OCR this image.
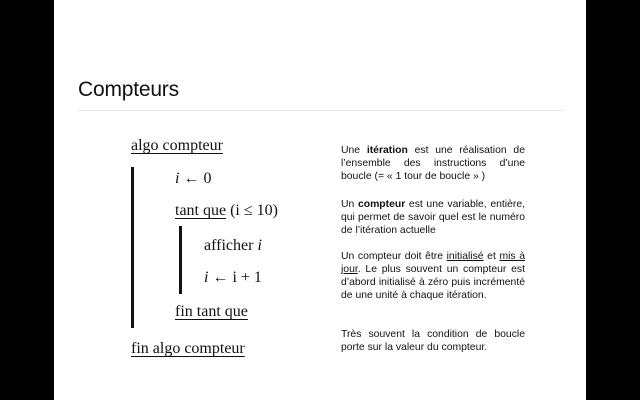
Compteurs
algo compteur
i ← 0
tant que (i ≤ 10)
afficher i
i ← i + 1
fin tant que
fin algo compteur

Une itération est une réalisation de l’ensemble des instructions d’une boucle (= « 1 tour de boucle » )

Un compteur est une variable, entière, qui permet de savoir quel est le numéro de l’itération actuelle

Un compteur doit être initialisé et mis à jour. Le plus souvent un compteur est d’abord initialisé à zéro puis incrémenté de une unité à chaque itération.

Très souvent la condition de boucle porte sur la valeur du compteur.
